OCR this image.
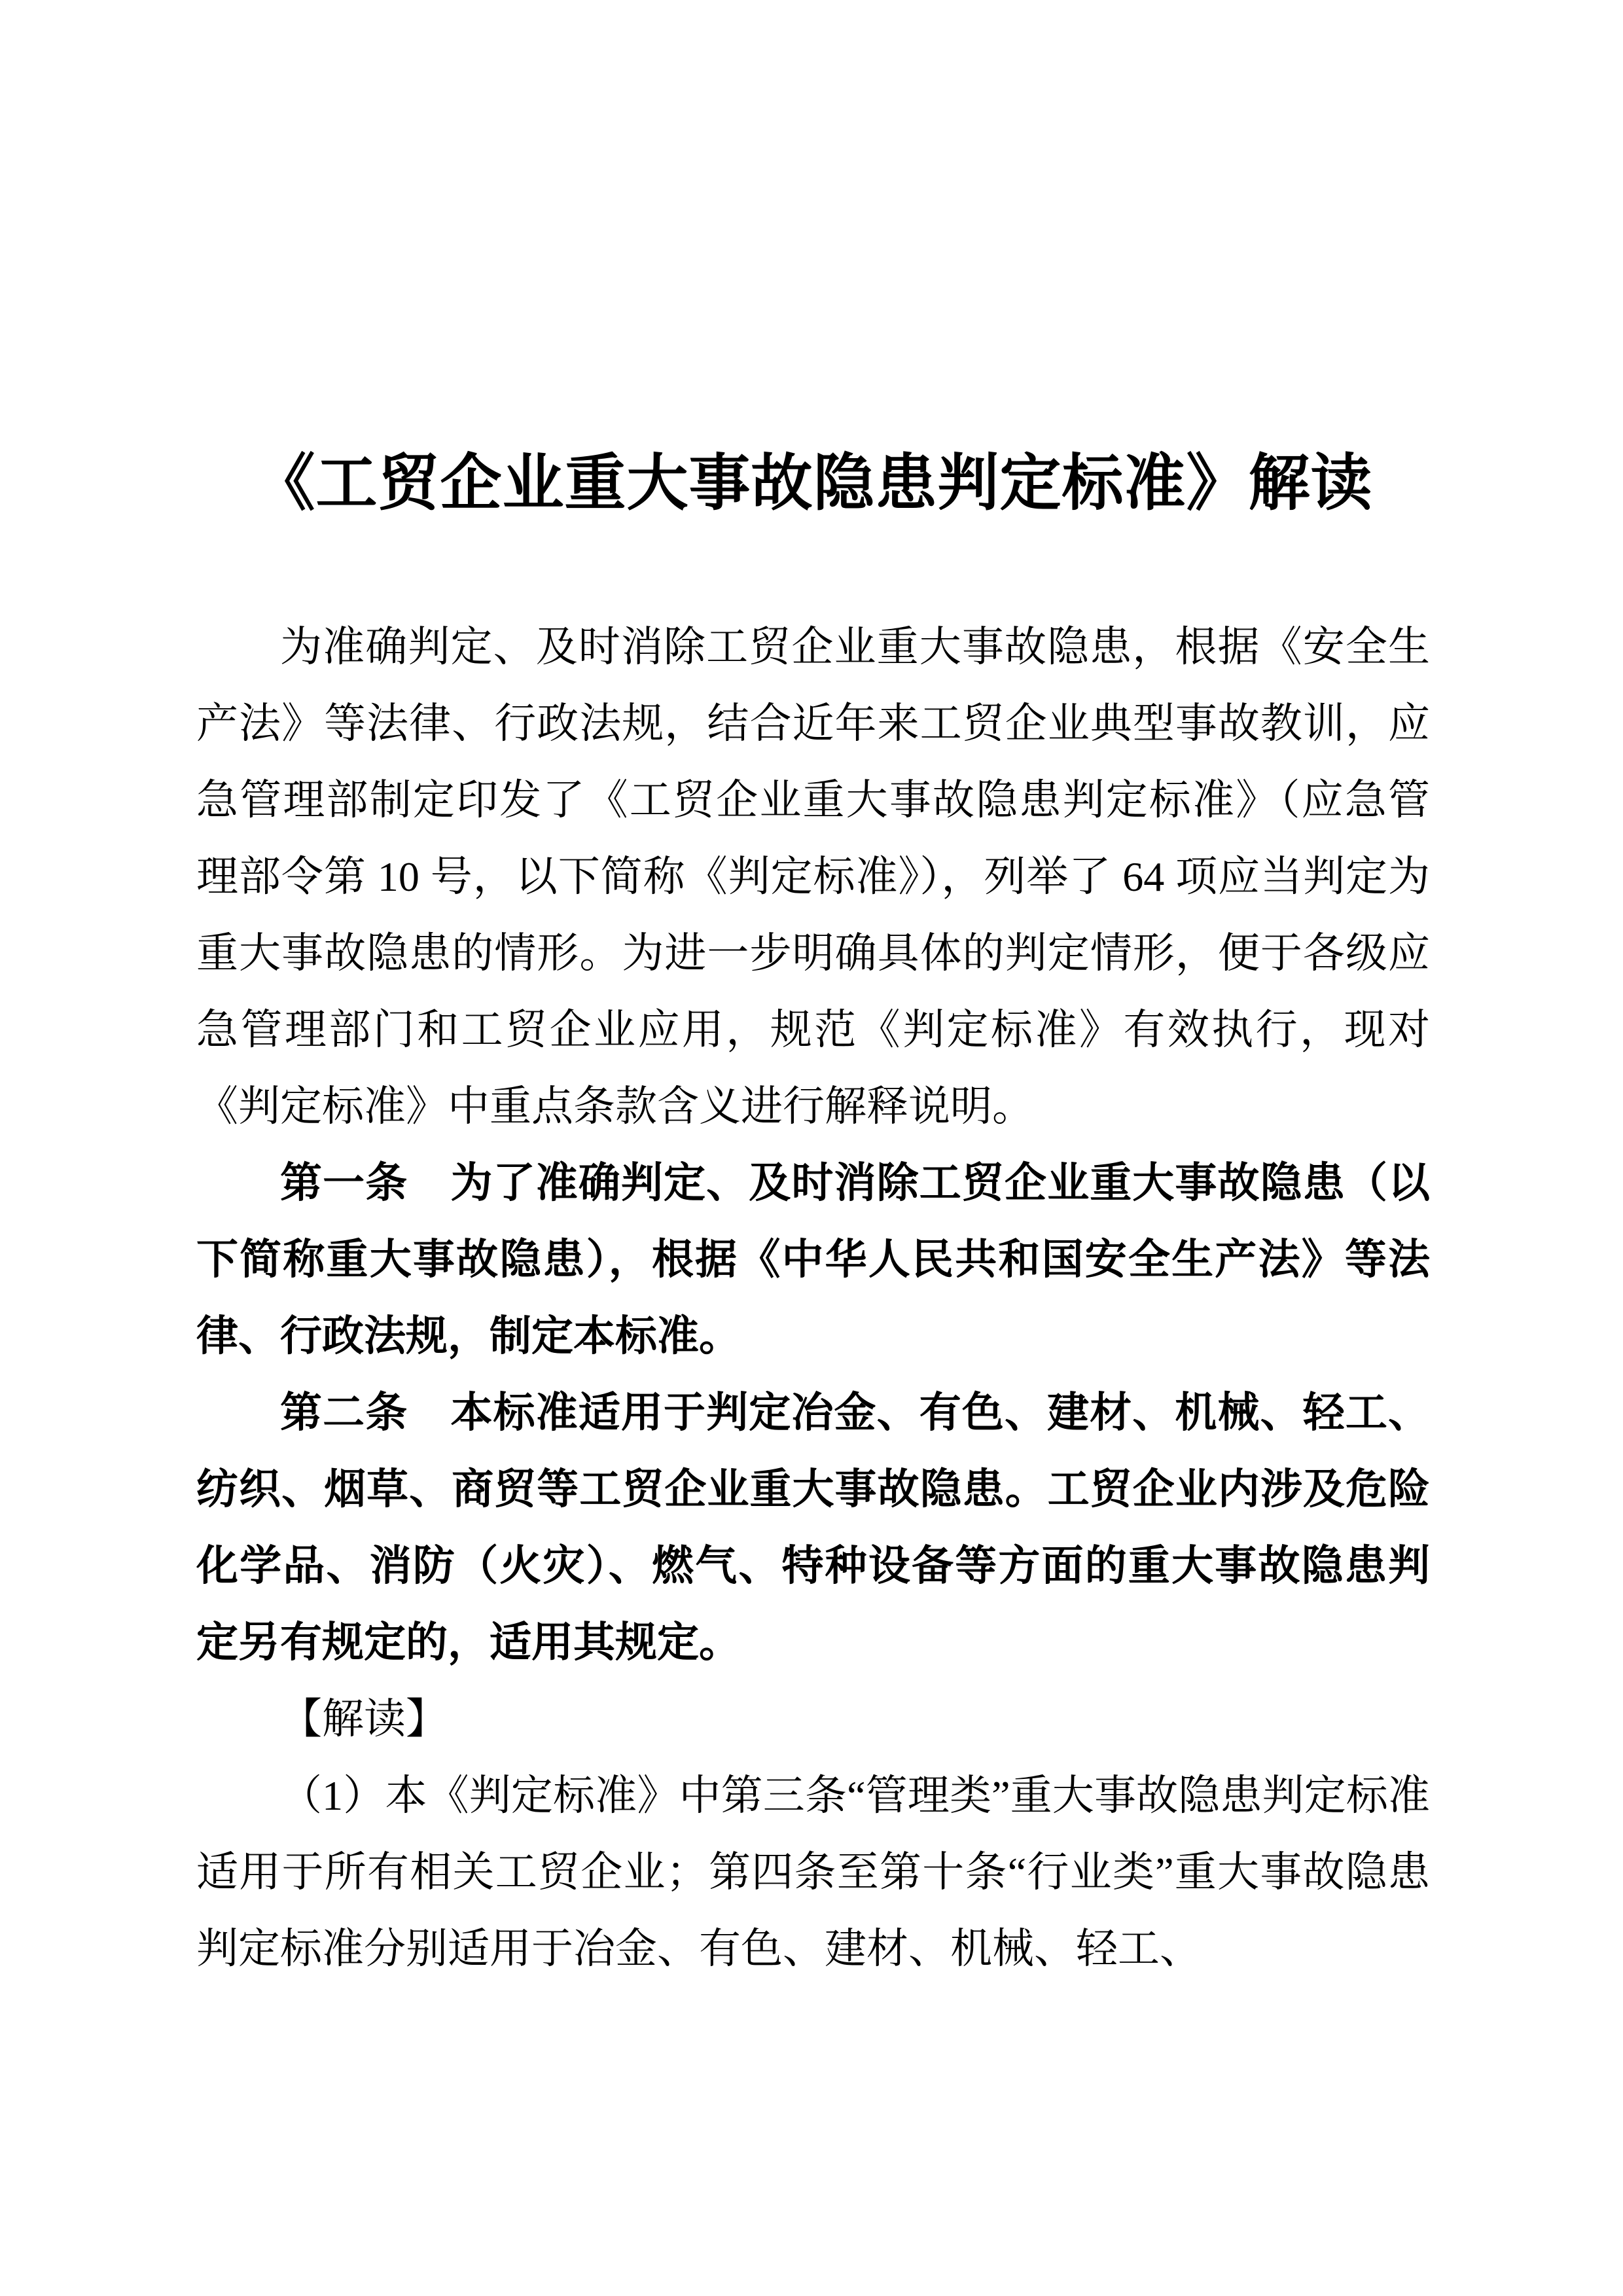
《工贸企业重大事故隐患判定标准》解读

为准确判定、及时消除工贸企业重大事故隐患，根据《安全生产法》等法律、行政法规，结合近年来工贸企业典型事故教训，应急管理部制定印发了《工贸企业重大事故隐患判定标准》（应急管理部令第 10 号，以下简称《判定标准》），列举了 64 项应当判定为重大事故隐患的情形。为进一步明确具体的判定情形，便于各级应急管理部门和工贸企业应用，规范《判定标准》有效执行，现对《判定标准》中重点条款含义进行解释说明。

第一条　为了准确判定、及时消除工贸企业重大事故隐患（以下简称重大事故隐患），根据《中华人民共和国安全生产法》等法律、行政法规，制定本标准。

第二条　本标准适用于判定冶金、有色、建材、机械、轻工、纺织、烟草、商贸等工贸企业重大事故隐患。工贸企业内涉及危险化学品、消防（火灾）、燃气、特种设备等方面的重大事故隐患判定另有规定的，适用其规定。

【解读】

（1）本《判定标准》中第三条“管理类”重大事故隐患判定标准适用于所有相关工贸企业；第四条至第十条“行业类”重大事故隐患判定标准分别适用于冶金、有色、建材、机械、轻工、
